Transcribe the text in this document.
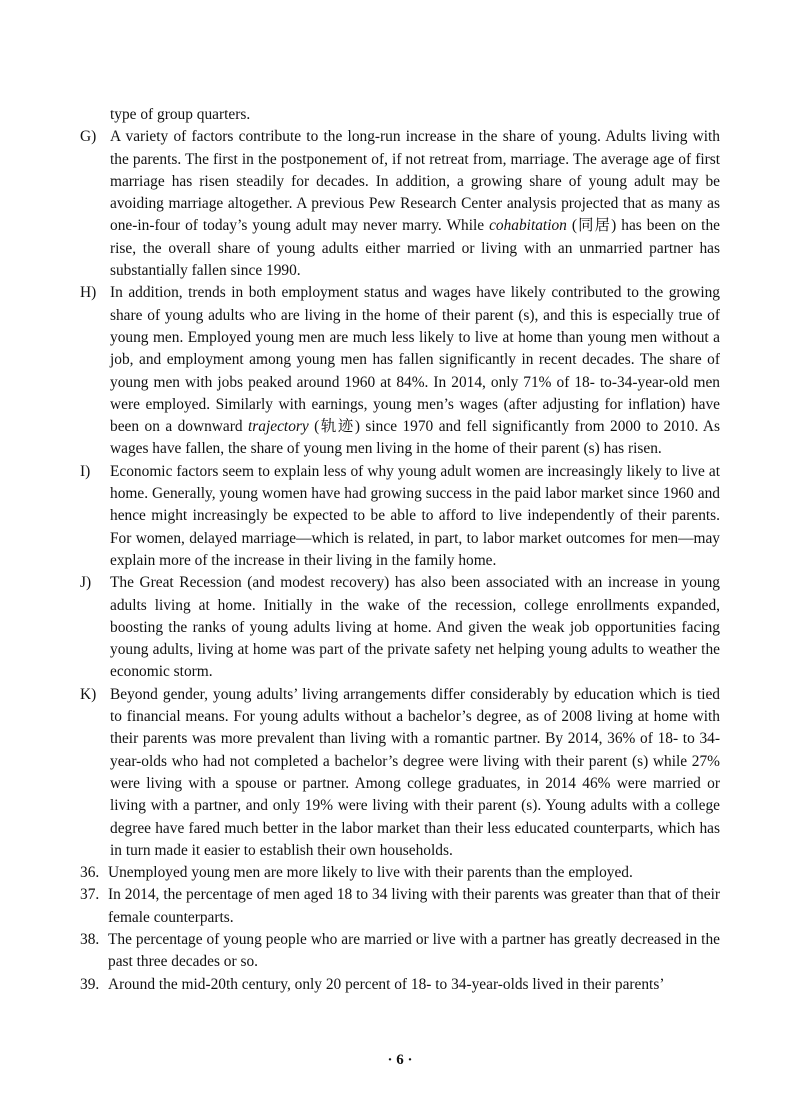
type of group quarters.
G) A variety of factors contribute to the long-run increase in the share of young. Adults living with the parents. The first in the postponement of, if not retreat from, marriage. The average age of first marriage has risen steadily for decades. In addition, a growing share of young adult may be avoiding marriage altogether. A previous Pew Research Center analysis projected that as many as one-in-four of today’s young adult may never marry. While cohabitation (同居) has been on the rise, the overall share of young adults either married or living with an unmarried partner has substantially fallen since 1990.
H) In addition, trends in both employment status and wages have likely contributed to the growing share of young adults who are living in the home of their parent (s), and this is especially true of young men. Employed young men are much less likely to live at home than young men without a job, and employment among young men has fallen significantly in recent decades. The share of young men with jobs peaked around 1960 at 84%. In 2014, only 71% of 18- to-34-year-old men were employed. Similarly with earnings, young men’s wages (after adjusting for inflation) have been on a downward trajectory (轨迹) since 1970 and fell significantly from 2000 to 2010. As wages have fallen, the share of young men living in the home of their parent (s) has risen.
I)	Economic factors seem to explain less of why young adult women are increasingly likely to live at home. Generally, young women have had growing success in the paid labor market since 1960 and hence might increasingly be expected to be able to afford to live independently of their parents. For women, delayed marriage—which is related, in part, to labor market outcomes for men—may explain more of the increase in their living in the family home.
J)	The Great Recession (and modest recovery) has also been associated with an increase in young adults living at home. Initially in the wake of the recession, college enrollments expanded, boosting the ranks of young adults living at home. And given the weak job opportunities facing young adults, living at home was part of the private safety net helping young adults to weather the economic storm.
K) Beyond gender, young adults’ living arrangements differ considerably by education which is tied to financial means. For young adults without a bachelor’s degree, as of 2008 living at home with their parents was more prevalent than living with a romantic partner. By 2014, 36% of 18- to 34-year-olds who had not completed a bachelor’s degree were living with their parent (s) while 27% were living with a spouse or partner. Among college graduates, in 2014 46% were married or living with a partner, and only 19% were living with their parent (s). Young adults with a college degree have fared much better in the labor market than their less educated counterparts, which has in turn made it easier to establish their own households.
36. Unemployed young men are more likely to live with their parents than the employed.
37. In 2014, the percentage of men aged 18 to 34 living with their parents was greater than that of their female counterparts.
38. The percentage of young people who are married or live with a partner has greatly decreased in the past three decades or so.
39. Around the mid-20th century, only 20 percent of 18- to 34-year-olds lived in their parents’
· 6 ·
